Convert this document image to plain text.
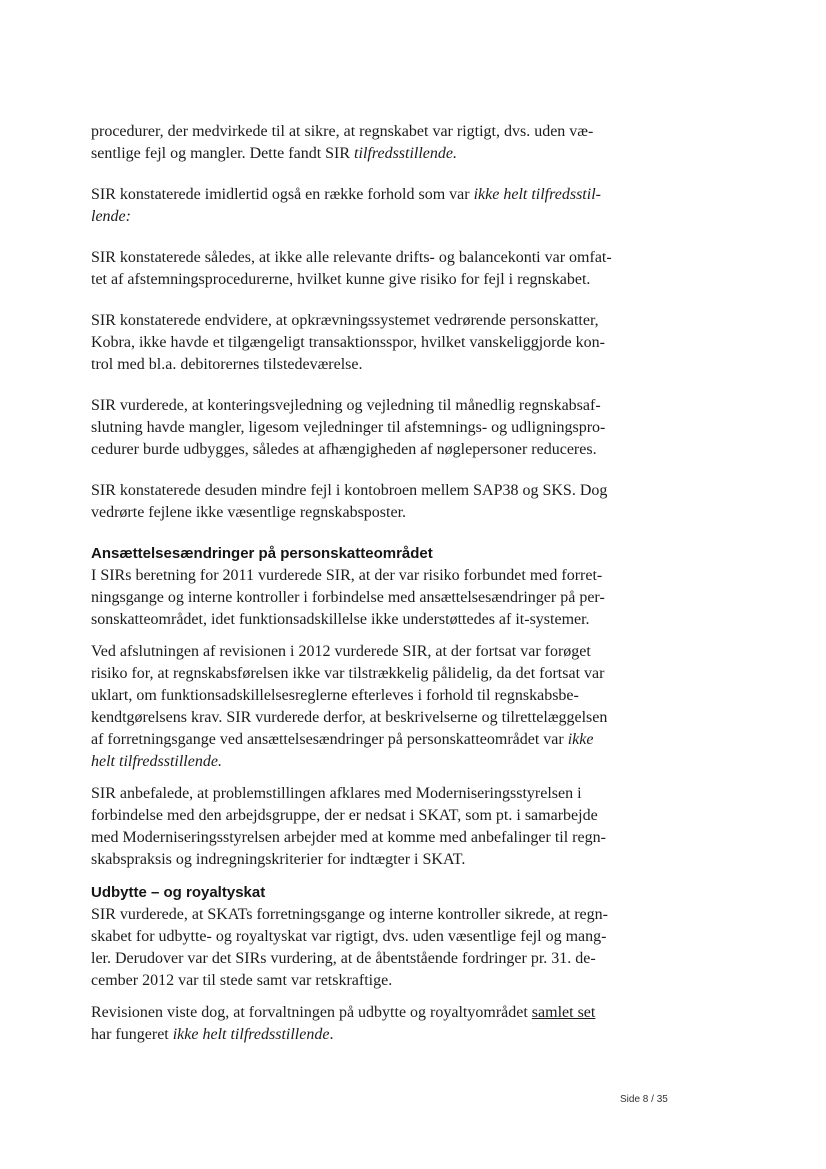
procedurer, der medvirkede til at sikre, at regnskabet var rigtigt, dvs. uden væ-
sentlige fejl og mangler. Dette fandt SIR tilfredsstillende.

SIR konstaterede imidlertid også en række forhold som var ikke helt tilfredsstil-
lende:

SIR konstaterede således, at ikke alle relevante drifts- og balancekonti var omfat-
tet af afstemningsprocedurerne, hvilket kunne give risiko for fejl i regnskabet.

SIR konstaterede endvidere, at opkrævningssystemet vedrørende personskatter,
Kobra, ikke havde et tilgængeligt transaktionsspor, hvilket vanskeliggjorde kon-
trol med bl.a. debitorernes tilstedeværelse.

SIR vurderede, at konteringsvejledning og vejledning til månedlig regnskabsaf-
slutning havde mangler, ligesom vejledninger til afstemnings- og udligningspro-
cedurer burde udbygges, således at afhængigheden af nøglepersoner reduceres.

SIR konstaterede desuden mindre fejl i kontobroen mellem SAP38 og SKS. Dog
vedrørte fejlene ikke væsentlige regnskabsposter.

Ansættelsesændringer på personskatteområdet

I SIRs beretning for 2011 vurderede SIR, at der var risiko forbundet med forret-
ningsgange og interne kontroller i forbindelse med ansættelsesændringer på per-
sonskatteområdet, idet funktionsadskillelse ikke understøttedes af it-systemer.

Ved afslutningen af revisionen i 2012 vurderede SIR, at der fortsat var forøget
risiko for, at regnskabsførelsen ikke var tilstrækkelig pålidelig, da det fortsat var
uklart, om funktionsadskillelsesreglerne efterleves i forhold til regnskabsbe-
kendtgørelsens krav. SIR vurderede derfor, at beskrivelserne og tilrettelæggelsen
af forretningsgange ved ansættelsesændringer på personskatteområdet var ikke
helt tilfredsstillende.

SIR anbefalede, at problemstillingen afklares med Moderniseringsstyrelsen i
forbindelse med den arbejdsgruppe, der er nedsat i SKAT, som pt. i samarbejde
med Moderniseringsstyrelsen arbejder med at komme med anbefalinger til regn-
skabspraksis og indregningskriterier for indtægter i SKAT.

Udbytte – og royaltyskat

SIR vurderede, at SKATs forretningsgange og interne kontroller sikrede, at regn-
skabet for udbytte- og royaltyskat var rigtigt, dvs. uden væsentlige fejl og mang-
ler. Derudover var det SIRs vurdering, at de åbentstående fordringer pr. 31. de-
cember 2012 var til stede samt var retskraftige.

Revisionen viste dog, at forvaltningen på udbytte og royaltyområdet samlet set
har fungeret ikke helt tilfredsstillende.

Side 8 / 35
